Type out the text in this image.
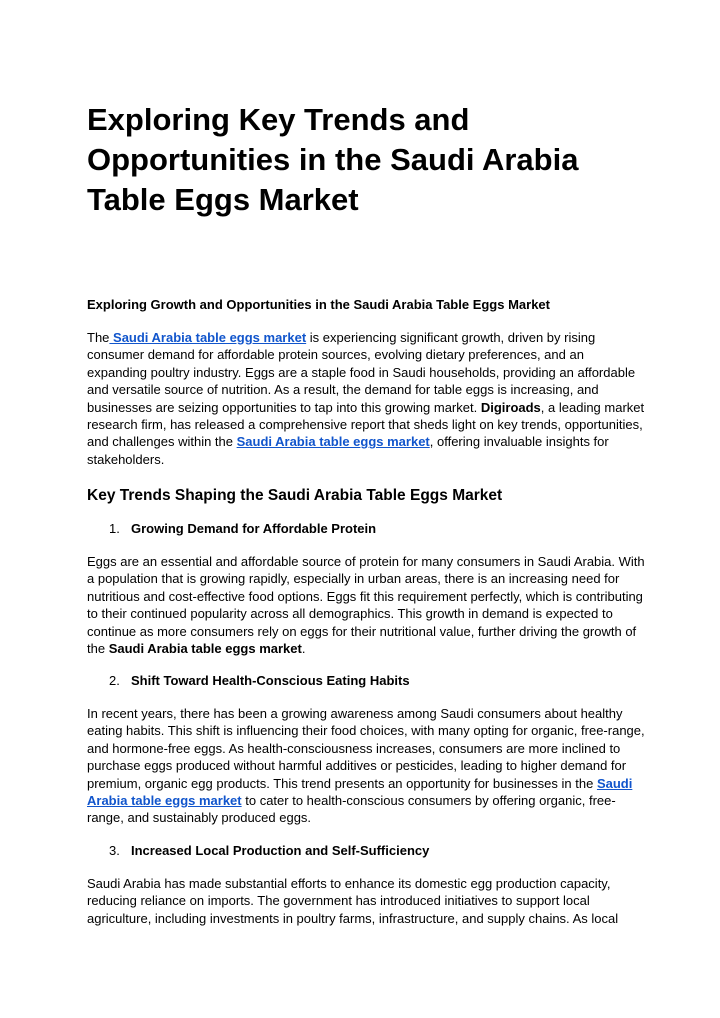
Exploring Key Trends and Opportunities in the Saudi Arabia Table Eggs Market
Exploring Growth and Opportunities in the Saudi Arabia Table Eggs Market

The Saudi Arabia table eggs market is experiencing significant growth, driven by rising consumer demand for affordable protein sources, evolving dietary preferences, and an expanding poultry industry. Eggs are a staple food in Saudi households, providing an affordable and versatile source of nutrition. As a result, the demand for table eggs is increasing, and businesses are seizing opportunities to tap into this growing market. Digiroads, a leading market research firm, has released a comprehensive report that sheds light on key trends, opportunities, and challenges within the Saudi Arabia table eggs market, offering invaluable insights for stakeholders.

Key Trends Shaping the Saudi Arabia Table Eggs Market
1. Growing Demand for Affordable Protein

Eggs are an essential and affordable source of protein for many consumers in Saudi Arabia. With a population that is growing rapidly, especially in urban areas, there is an increasing need for nutritious and cost-effective food options. Eggs fit this requirement perfectly, which is contributing to their continued popularity across all demographics. This growth in demand is expected to continue as more consumers rely on eggs for their nutritional value, further driving the growth of the Saudi Arabia table eggs market.

2. Shift Toward Health-Conscious Eating Habits

In recent years, there has been a growing awareness among Saudi consumers about healthy eating habits. This shift is influencing their food choices, with many opting for organic, free-range, and hormone-free eggs. As health-consciousness increases, consumers are more inclined to purchase eggs produced without harmful additives or pesticides, leading to higher demand for premium, organic egg products. This trend presents an opportunity for businesses in the Saudi Arabia table eggs market to cater to health-conscious consumers by offering organic, free-range, and sustainably produced eggs.

3. Increased Local Production and Self-Sufficiency

Saudi Arabia has made substantial efforts to enhance its domestic egg production capacity, reducing reliance on imports. The government has introduced initiatives to support local agriculture, including investments in poultry farms, infrastructure, and supply chains. As local
